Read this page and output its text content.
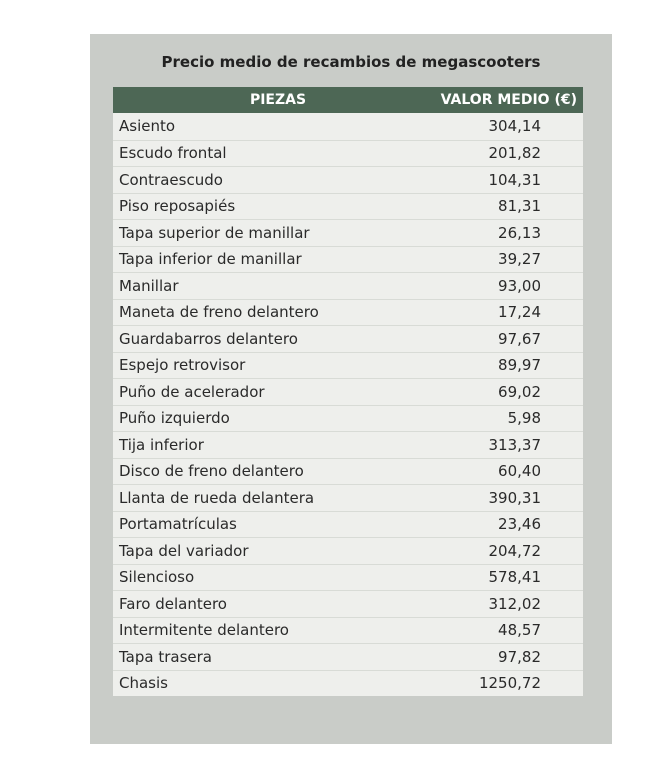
Precio medio de recambios de megascooters
PIEZAS	VALOR MEDIO (€)
Asiento	304,14
Escudo frontal	201,82
Contraescudo	104,31
Piso reposapiés	81,31
Tapa superior de manillar	26,13
Tapa inferior de manillar	39,27
Manillar	93,00
Maneta de freno delantero	17,24
Guardabarros delantero	97,67
Espejo retrovisor	89,97
Puño de acelerador	69,02
Puño izquierdo	5,98
Tija inferior	313,37
Disco de freno delantero	60,40
Llanta de rueda delantera	390,31
Portamatrículas	23,46
Tapa del variador	204,72
Silencioso	578,41
Faro delantero	312,02
Intermitente delantero	48,57
Tapa trasera	97,82
Chasis	1250,72
